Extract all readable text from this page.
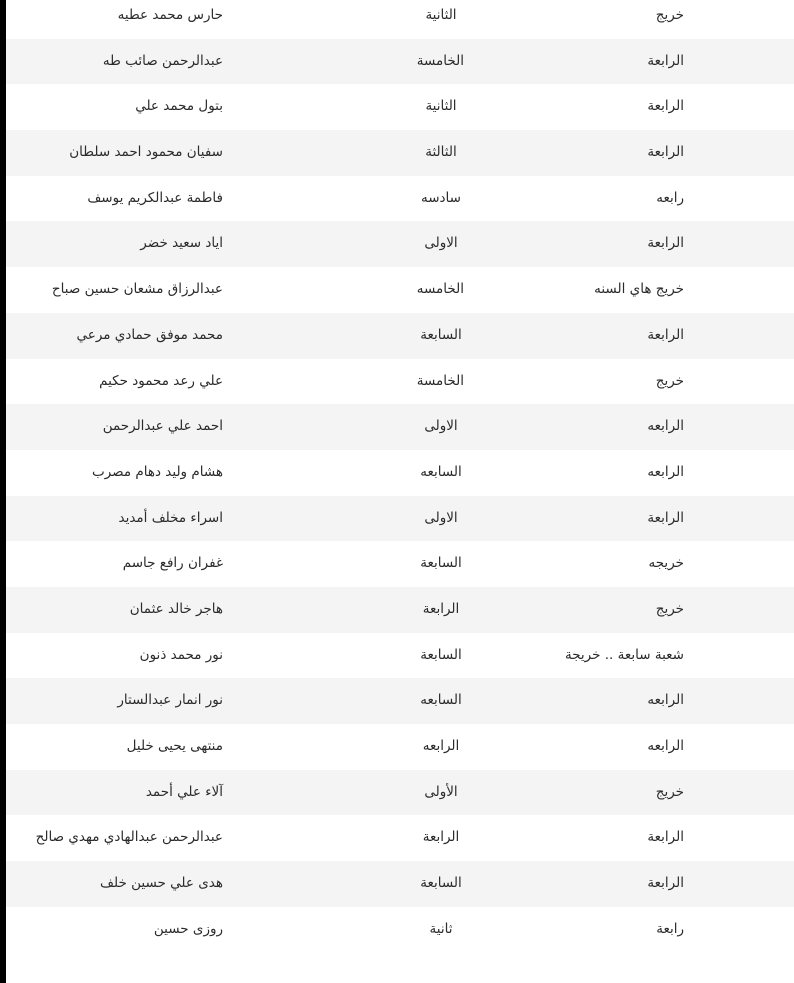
حارس محمد عطيه	الثانية	خريج
عبدالرحمن صائب طه	الخامسة	الرابعة
بتول محمد علي	الثانية	الرابعة
سفيان محمود احمد سلطان	الثالثة	الرابعة
فاطمة عبدالكريم يوسف	سادسه	رابعه
اياد سعيد خضر	الاولى	الرابعة
عبدالرزاق مشعان حسين صباح	الخامسه	خريج هاي السنه
محمد موفق حمادي مرعي	السابعة	الرابعة
علي رعد محمود حكيم	الخامسة	خريج
احمد علي عبدالرحمن	الاولى	الرابعه
هشام وليد دهام مصرب	السابعه	الرابعه
اسراء مخلف أمديد	الاولى	الرابعة
غفران رافع جاسم	السابعة	خريجه
هاجر خالد عثمان	الرابعة	خريج
نور محمد ذنون	السابعة	شعبة سابعة .. خريجة
نور انمار عبدالستار	السابعه	الرابعه
منتهى يحيى خليل	الرابعه	الرابعه
آلاء علي أحمد	الأولى	خريج
عبدالرحمن عبدالهادي مهدي صالح	الرابعة	الرابعة
هدى علي حسين خلف	السابعة	الرابعة
روزى حسين	ثانية	رابعة
